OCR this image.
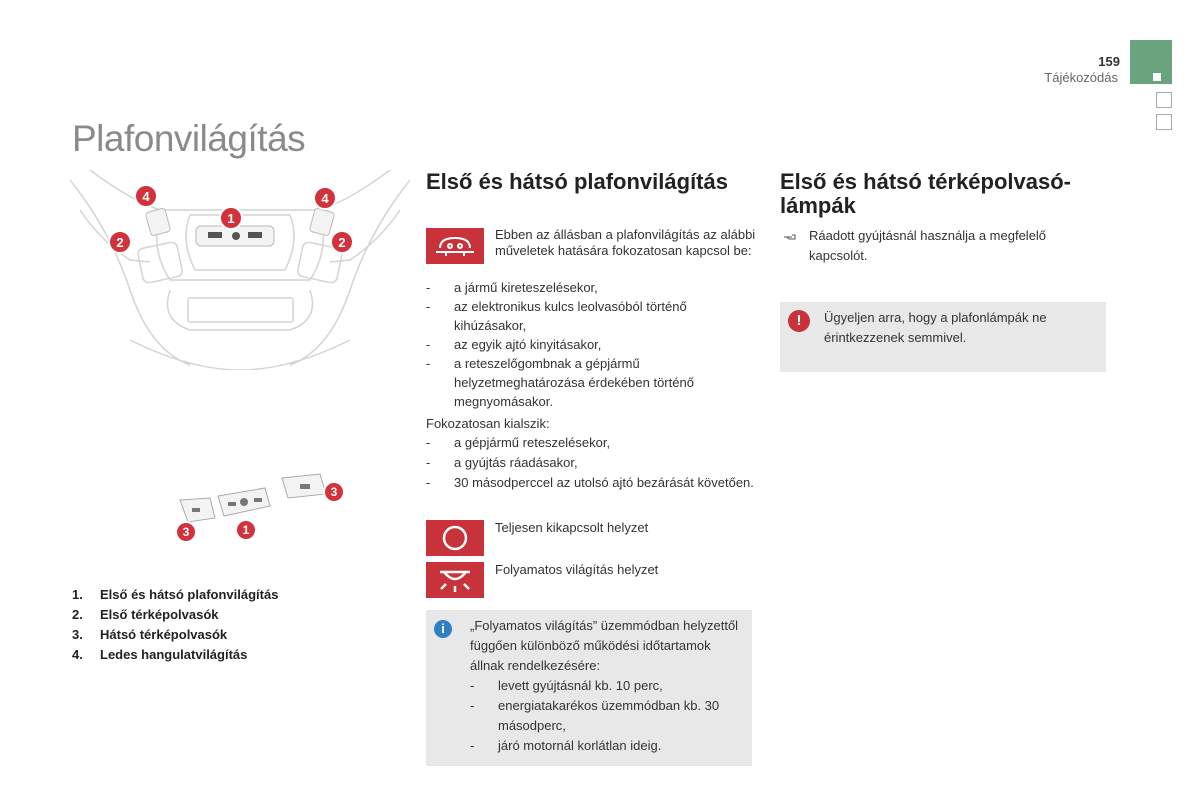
159
Tájékozódás
Plafonvilágítás
1
2	2
4	4
3	1
3
1. Első és hátsó plafonvilágítás
2. Első térképolvasók
3. Hátsó térképolvasók
4. Ledes hangulatvilágítás
Első és hátsó plafonvilágítás
Ebben az állásban a plafonvilágítás az alábbi műveletek hatására fokozatosan kapcsol be:
- a jármű kireteszelésekor,
- az elektronikus kulcs leolvasóból történő kihúzásakor,
- az egyik ajtó kinyitásakor,
- a reteszelőgombnak a gépjármű helyzetmeghatározása érdekében történő megnyomásakor.
Fokozatosan kialszik:
- a gépjármű reteszelésekor,
- a gyújtás ráadásakor,
- 30 másodperccel az utolsó ajtó bezárását követően.
Teljesen kikapcsolt helyzet
Folyamatos világítás helyzet
i	„Folyamatos világítás” üzemmódban helyzettől függően különböző működési időtartamok állnak rendelkezésére:
- levett gyújtásnál kb. 10 perc,
- energiatakarékos üzemmódban kb. 30 másodperc,
- járó motornál korlátlan ideig.
Első és hátsó térképolvasó-lámpák
Ráadott gyújtásnál használja a megfelelő kapcsolót.
!	Ügyeljen arra, hogy a plafonlámpák ne érintkezzenek semmivel.
